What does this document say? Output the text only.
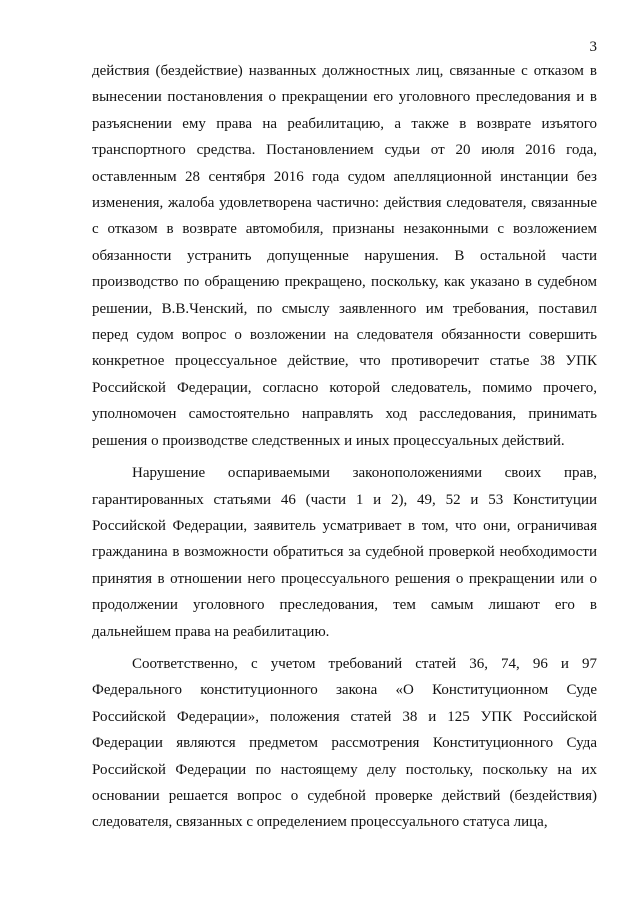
3

действия (бездействие) названных должностных лиц, связанные с отказом в вынесении постановления о прекращении его уголовного преследования и в разъяснении ему права на реабилитацию, а также в возврате изъятого транспортного средства. Постановлением судьи от 20 июля 2016 года, оставленным 28 сентября 2016 года судом апелляционной инстанции без изменения, жалоба удовлетворена частично: действия следователя, связанные с отказом в возврате автомобиля, признаны незаконными с возложением обязанности устранить допущенные нарушения. В остальной части производство по обращению прекращено, поскольку, как указано в судебном решении, В.В.Ченский, по смыслу заявленного им требования, поставил перед судом вопрос о возложении на следователя обязанности совершить конкретное процессуальное действие, что противоречит статье 38 УПК Российской Федерации, согласно которой следователь, помимо прочего, уполномочен самостоятельно направлять ход расследования, принимать решения о производстве следственных и иных процессуальных действий.

Нарушение оспариваемыми законоположениями своих прав, гарантированных статьями 46 (части 1 и 2), 49, 52 и 53 Конституции Российской Федерации, заявитель усматривает в том, что они, ограничивая гражданина в возможности обратиться за судебной проверкой необходимости принятия в отношении него процессуального решения о прекращении или о продолжении уголовного преследования, тем самым лишают его в дальнейшем права на реабилитацию.

Соответственно, с учетом требований статей 36, 74, 96 и 97 Федерального конституционного закона «О Конституционном Суде Российской Федерации», положения статей 38 и 125 УПК Российской Федерации являются предметом рассмотрения Конституционного Суда Российской Федерации по настоящему делу постольку, поскольку на их основании решается вопрос о судебной проверке действий (бездействия) следователя, связанных с определением процессуального статуса лица,
